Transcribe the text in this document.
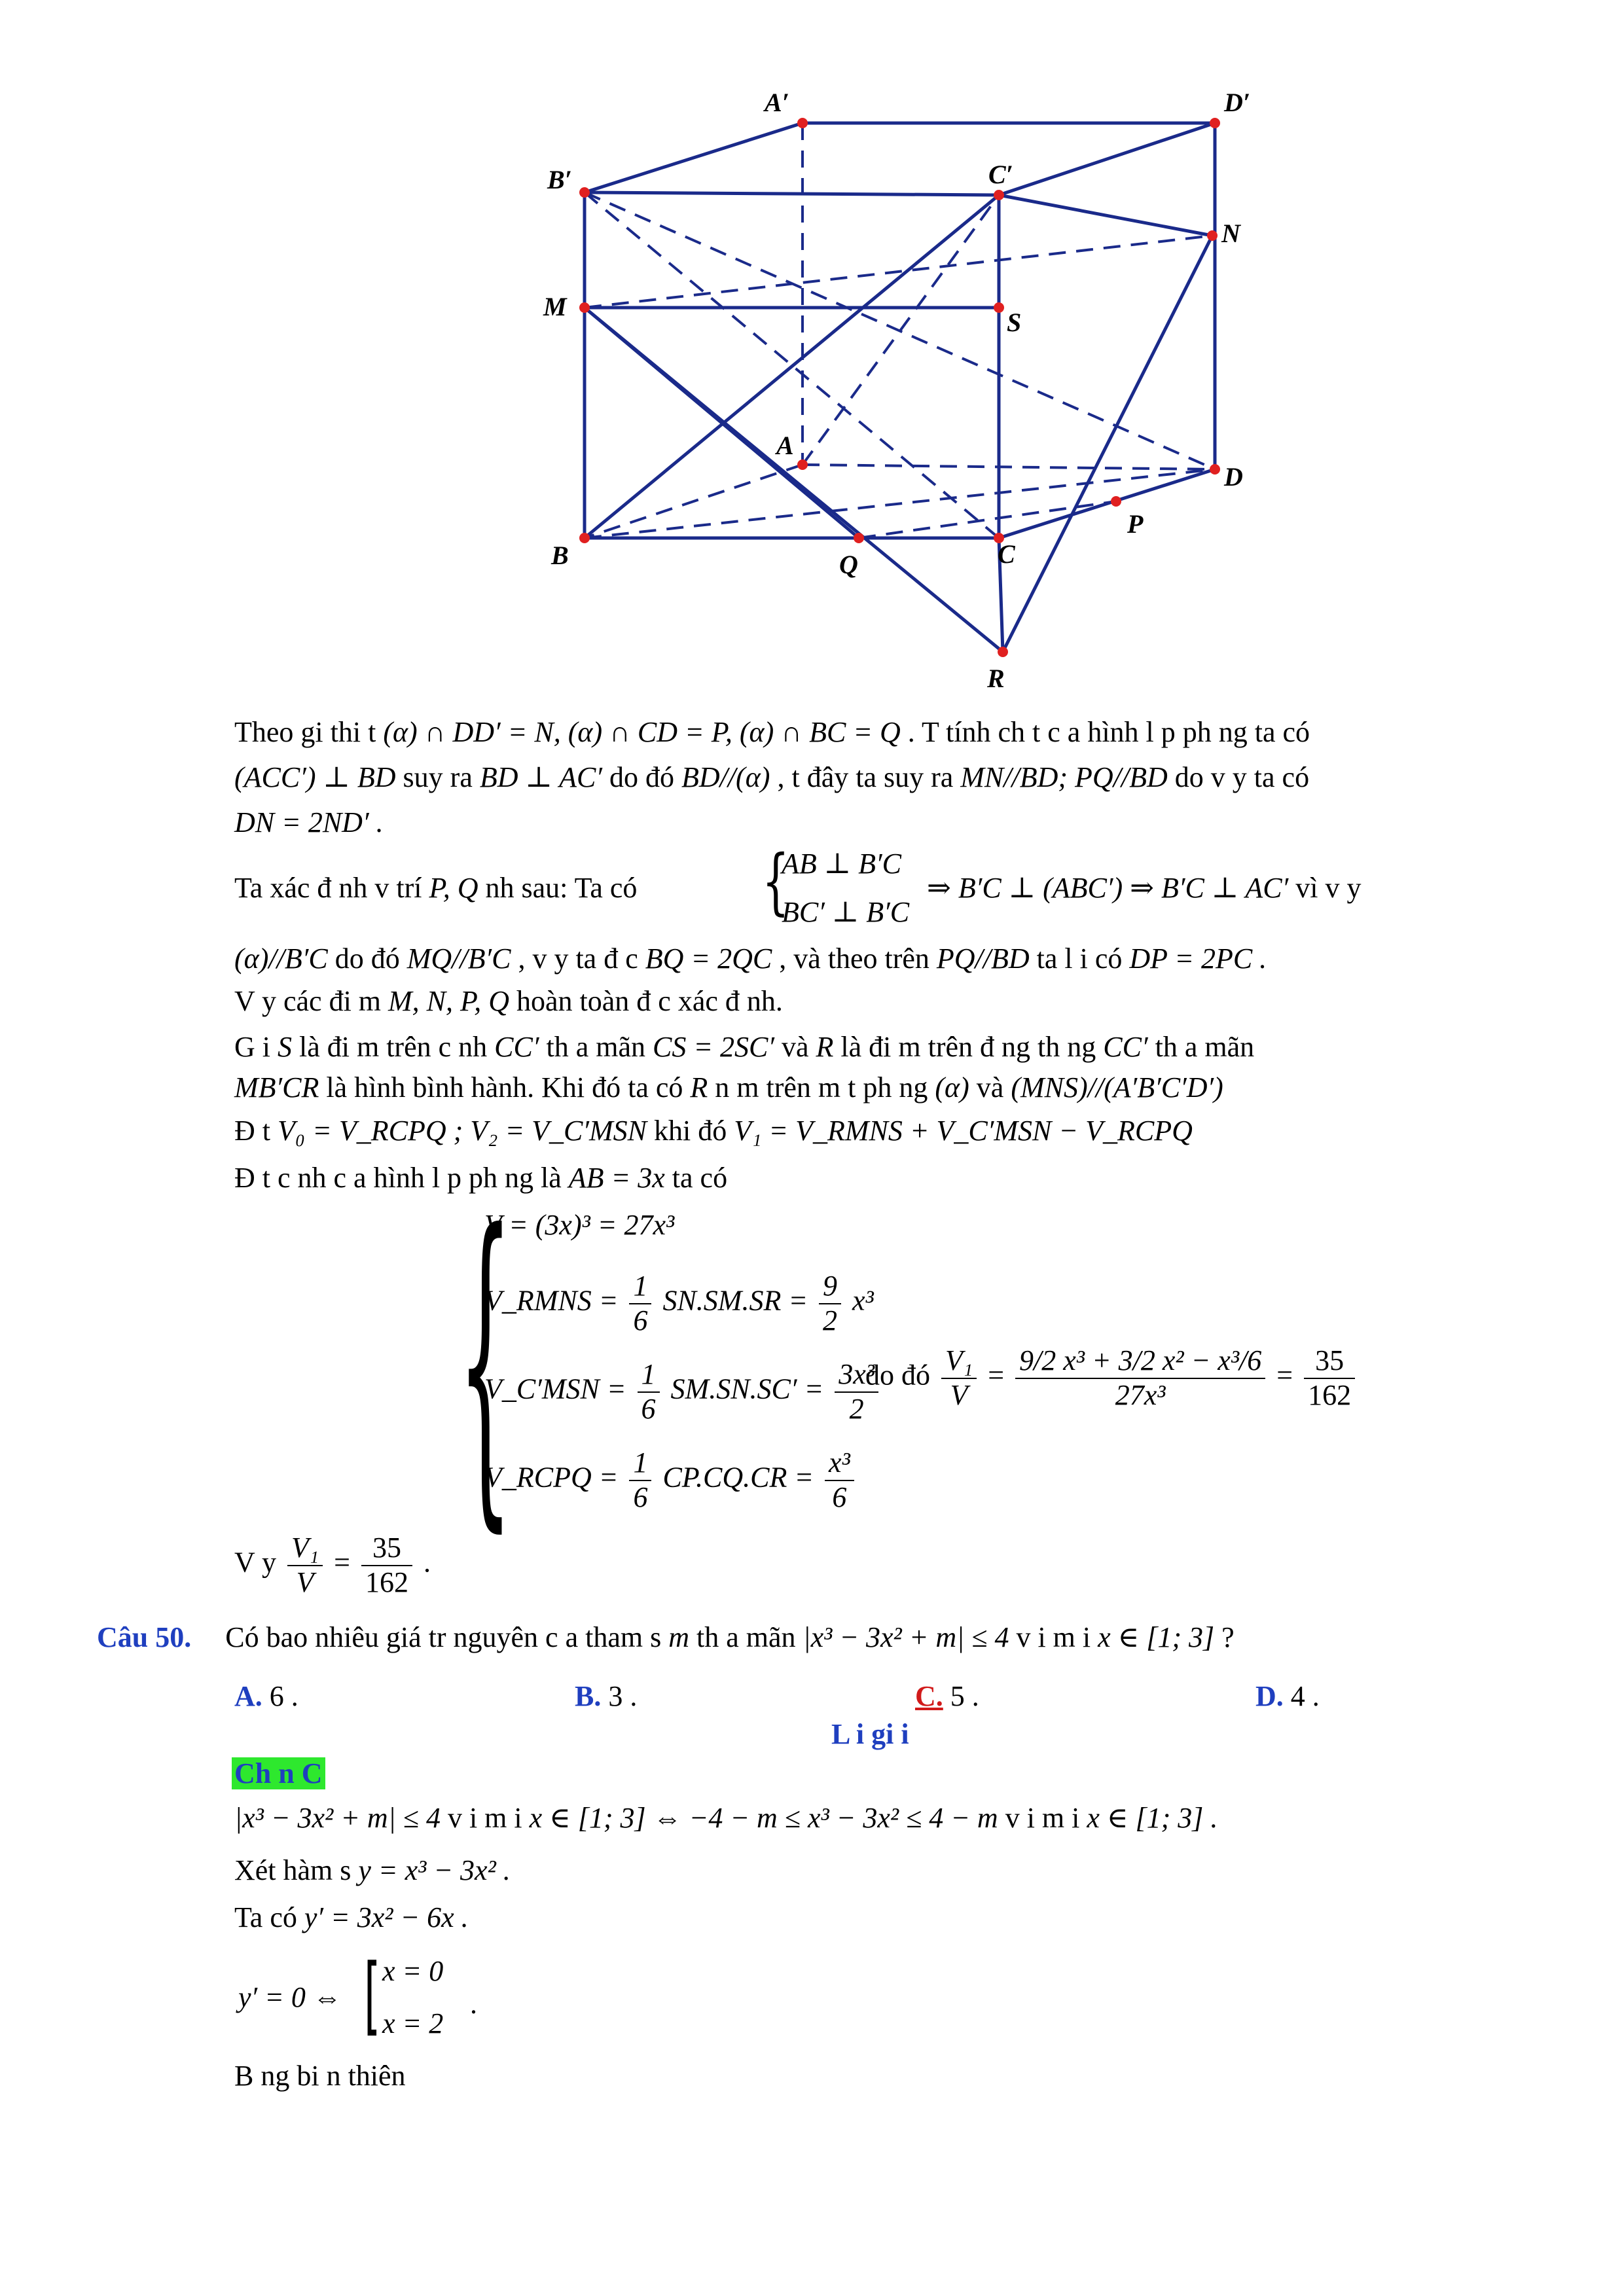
A′	D′
B′	C′
N
M
S
A
D
B	C
P
Q
R
Theo gi thi t (α) ∩ DD′ = N, (α) ∩ CD = P, (α) ∩ BC = Q . T tính ch t c a hình l p ph ng ta có
(ACC′) ⊥ BD suy ra BD ⊥ AC′ do đó BD//(α) , t đây ta suy ra MN//BD; PQ//BD do v y ta có
DN = 2ND′ .
Ta xác đ nh v trí P, Q nh sau: Ta có {
AB ⊥ B′C
BC′ ⊥ B′C
⇒ B′C ⊥ (ABC′) ⇒ B′C ⊥ AC′ vì v y
(α)//B′C do đó MQ//B′C , v y ta đ c BQ = 2QC , và theo trên PQ//BD ta l i có DP = 2PC .
V y các đi m M, N, P, Q hoàn toàn đ c xác đ nh.
G i S là đi m trên c nh CC′ th a mãn CS = 2SC′ và R là đi m trên đ ng th ng CC′ th a mãn
MB′CR là hình bình hành. Khi đó ta có R n m trên m t ph ng (α) và (MNS)//(A′B′C′D′)
Đ t V₀ = V_RCPQ ; V₂ = V_C′MSN khi đó V₁ = V_RMNS + V_C′MSN − V_RCPQ
Đ t c nh c a hình l p ph ng là AB = 3x ta có
{
V = (3x)³ = 27x³
V_RMNS = $\frac{1}{6} SN.SM.SR = \frac{9}{2} x^3$
V_C′MSN = $\frac{1}{6} SM.SN.SC' = \frac{\text{3x³}}{2}$
V_RCPQ = $\frac{1}{6} CP.CQ.CR = \frac{\text{x³}}{6}$
do đó $\frac{\text{V₁}}{V} = \frac{\text{9/2 x³ + 3/2 x² − x³/6}}{\text{27x³}} = \frac{35}{162}$
V y $\frac{\text{V₁}}{V} = \frac{35}{162}$ .
Câu 50. Có bao nhiêu giá tr nguyên c a tham s m th a mãn |x³ − 3x² + m| ≤ 4 v i m i x ∈ [1; 3] ?
A. 6 .	B. 3 .	C. 5 .	D. 4 .
L i gi i
Ch n C
|x³ − 3x² + m| ≤ 4 v i m i x ∈ [1; 3] ⇔ −4 − m ≤ x³ − 3x² ≤ 4 − m v i m i x ∈ [1; 3] .
Xét hàm s y = x³ − 3x² .
Ta có y′ = 3x² − 6x .
y′ = 0 ⇔ [ x = 0
x = 2
.
B ng bi n thiên
